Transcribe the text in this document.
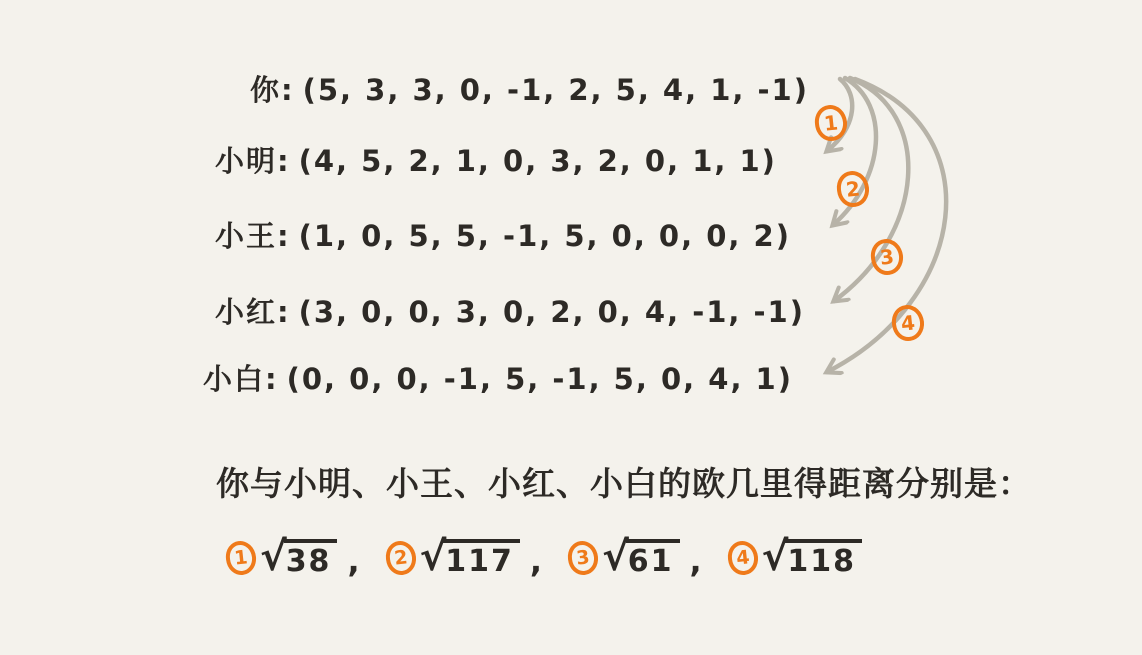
你: (5, 3, 3, 0, -1, 2, 5, 4, 1, -1)
小明: (4, 5, 2, 1, 0, 3, 2, 0, 1, 1)
小王: (1, 0, 5, 5, -1, 5, 0, 0, 0, 2)
小红: (3, 0, 0, 3, 0, 2, 0, 4, -1, -1)
小白: (0, 0, 0, -1, 5, -1, 5, 0, 4, 1)
1
2
3
4
你与小明、小王、小红、小白的欧几里得距离分别是：
1 √ 38 ,	2 √ 117 ,	3 √ 61 ,	4 √ 118
